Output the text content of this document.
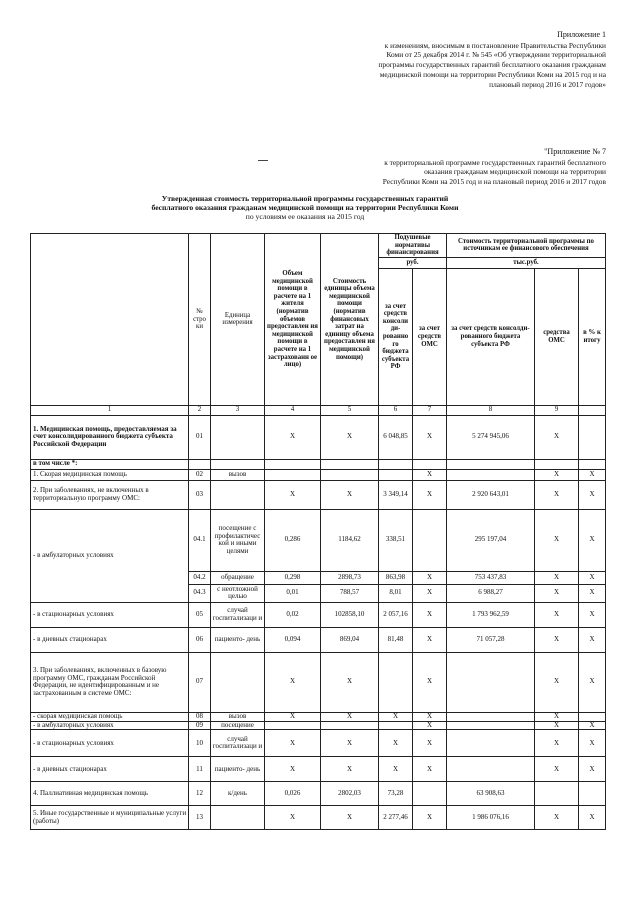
Приложение 1
к изменениям, вносимым в постановление Правительства Республики
Коми от 25 декабря 2014 г. № 545 «Об утверждении территориальной
программы государственных гарантий бесплатного оказания гражданам
медицинской помощи на территории Республики Коми на 2015 год и на
плановый период 2016 и 2017 годов»
"Приложение № 7
к территориальной программе государственных гарантий бесплатного
оказания гражданам медицинской помощи на территории
Республики Коми на 2015 год и на плановый период 2016 и 2017 годов
Утвержденная стоимость территориальной программы государственных гарантий
бесплатного оказания гражданам медицинской помощи на территории Республики Коми
по условиям ее оказания на 2015 год
	№ стро ки	Единица измерения	Объем медицинской помощи в расчете на 1 жителя (норматив объемов предоставлен ия медицинской помощи в расчете на 1 застрахованн ое лицо)	Стоимость единицы объема медицинской помощи (норматив финансовых затрат на единицу объема предоставлен ия медицинской помощи)	Подушевые нормативы финансирования		Стоимость территориальной программы по источникам ее финансового обеспечения		
					руб.		тыс.руб.		
					за счет средств консоли ди- рованно го бюджета субъекта РФ	за счет средств ОМС	за счет средств консолди- рованного бюджета субъекта РФ	средства ОМС	в % к итогу
1	2	3	4	5	6	7	8	9	
1. Медицинская помощь, предоставляемая за счет консолидированного бюджета субъекта Российской Федерации	01		X	X	6 048,85	X	5 274 945,06	X	
в том числе *:									
1. Скорая медицинская помощь	02	вызов				X		X	X
2. При заболеваниях, не включенных в территориальную программу ОМС:	03		X	X	3 349,14	X	2 920 643,01	X	X
- в амбулаторных условиях	04.1	посещение с профилактичес кой и иными целями	0,286	1184,62	338,51		295 197,04	X	X
	04.2	обращение	0,298	2898,73	863,98	X	753 437,83	X	X
	04.3	с неотложной целью	0,01	788,57	8,01	X	6 988,27	X	X
- в стационарных условиях	05	случай госпитализаци и	0,02	102858,10	2 057,16	X	1 793 962,59	X	X
- в дневных стационарах	06	пациенто- день	0,094	869,04	81,48	X	71 057,28	X	X
3. При заболеваниях, включенных в базовую программу ОМС, гражданам Российской Федерации, не идентифицированным и не застрахованным в системе ОМС:	07		X	X		X		X	X
- скорая медицинская помощь	08	вызов	X	X	X	X		X	
- в амбулаторных условиях	09	посещение				X		X	X
- в стационарных условиях	10	случай госпитализаци и	X	X	X	X		X	X
- в дневных стационарах	11	пациенто- день	X	X	X	X		X	X
4. Паллиативная медицинская помощь	12	к/день	0,026	2802,03	73,28		63 908,63		
5. Иные государственные и муниципальные услуги (работы)	13		X	X	2 277,46	X	1 986 076,16	X	X
